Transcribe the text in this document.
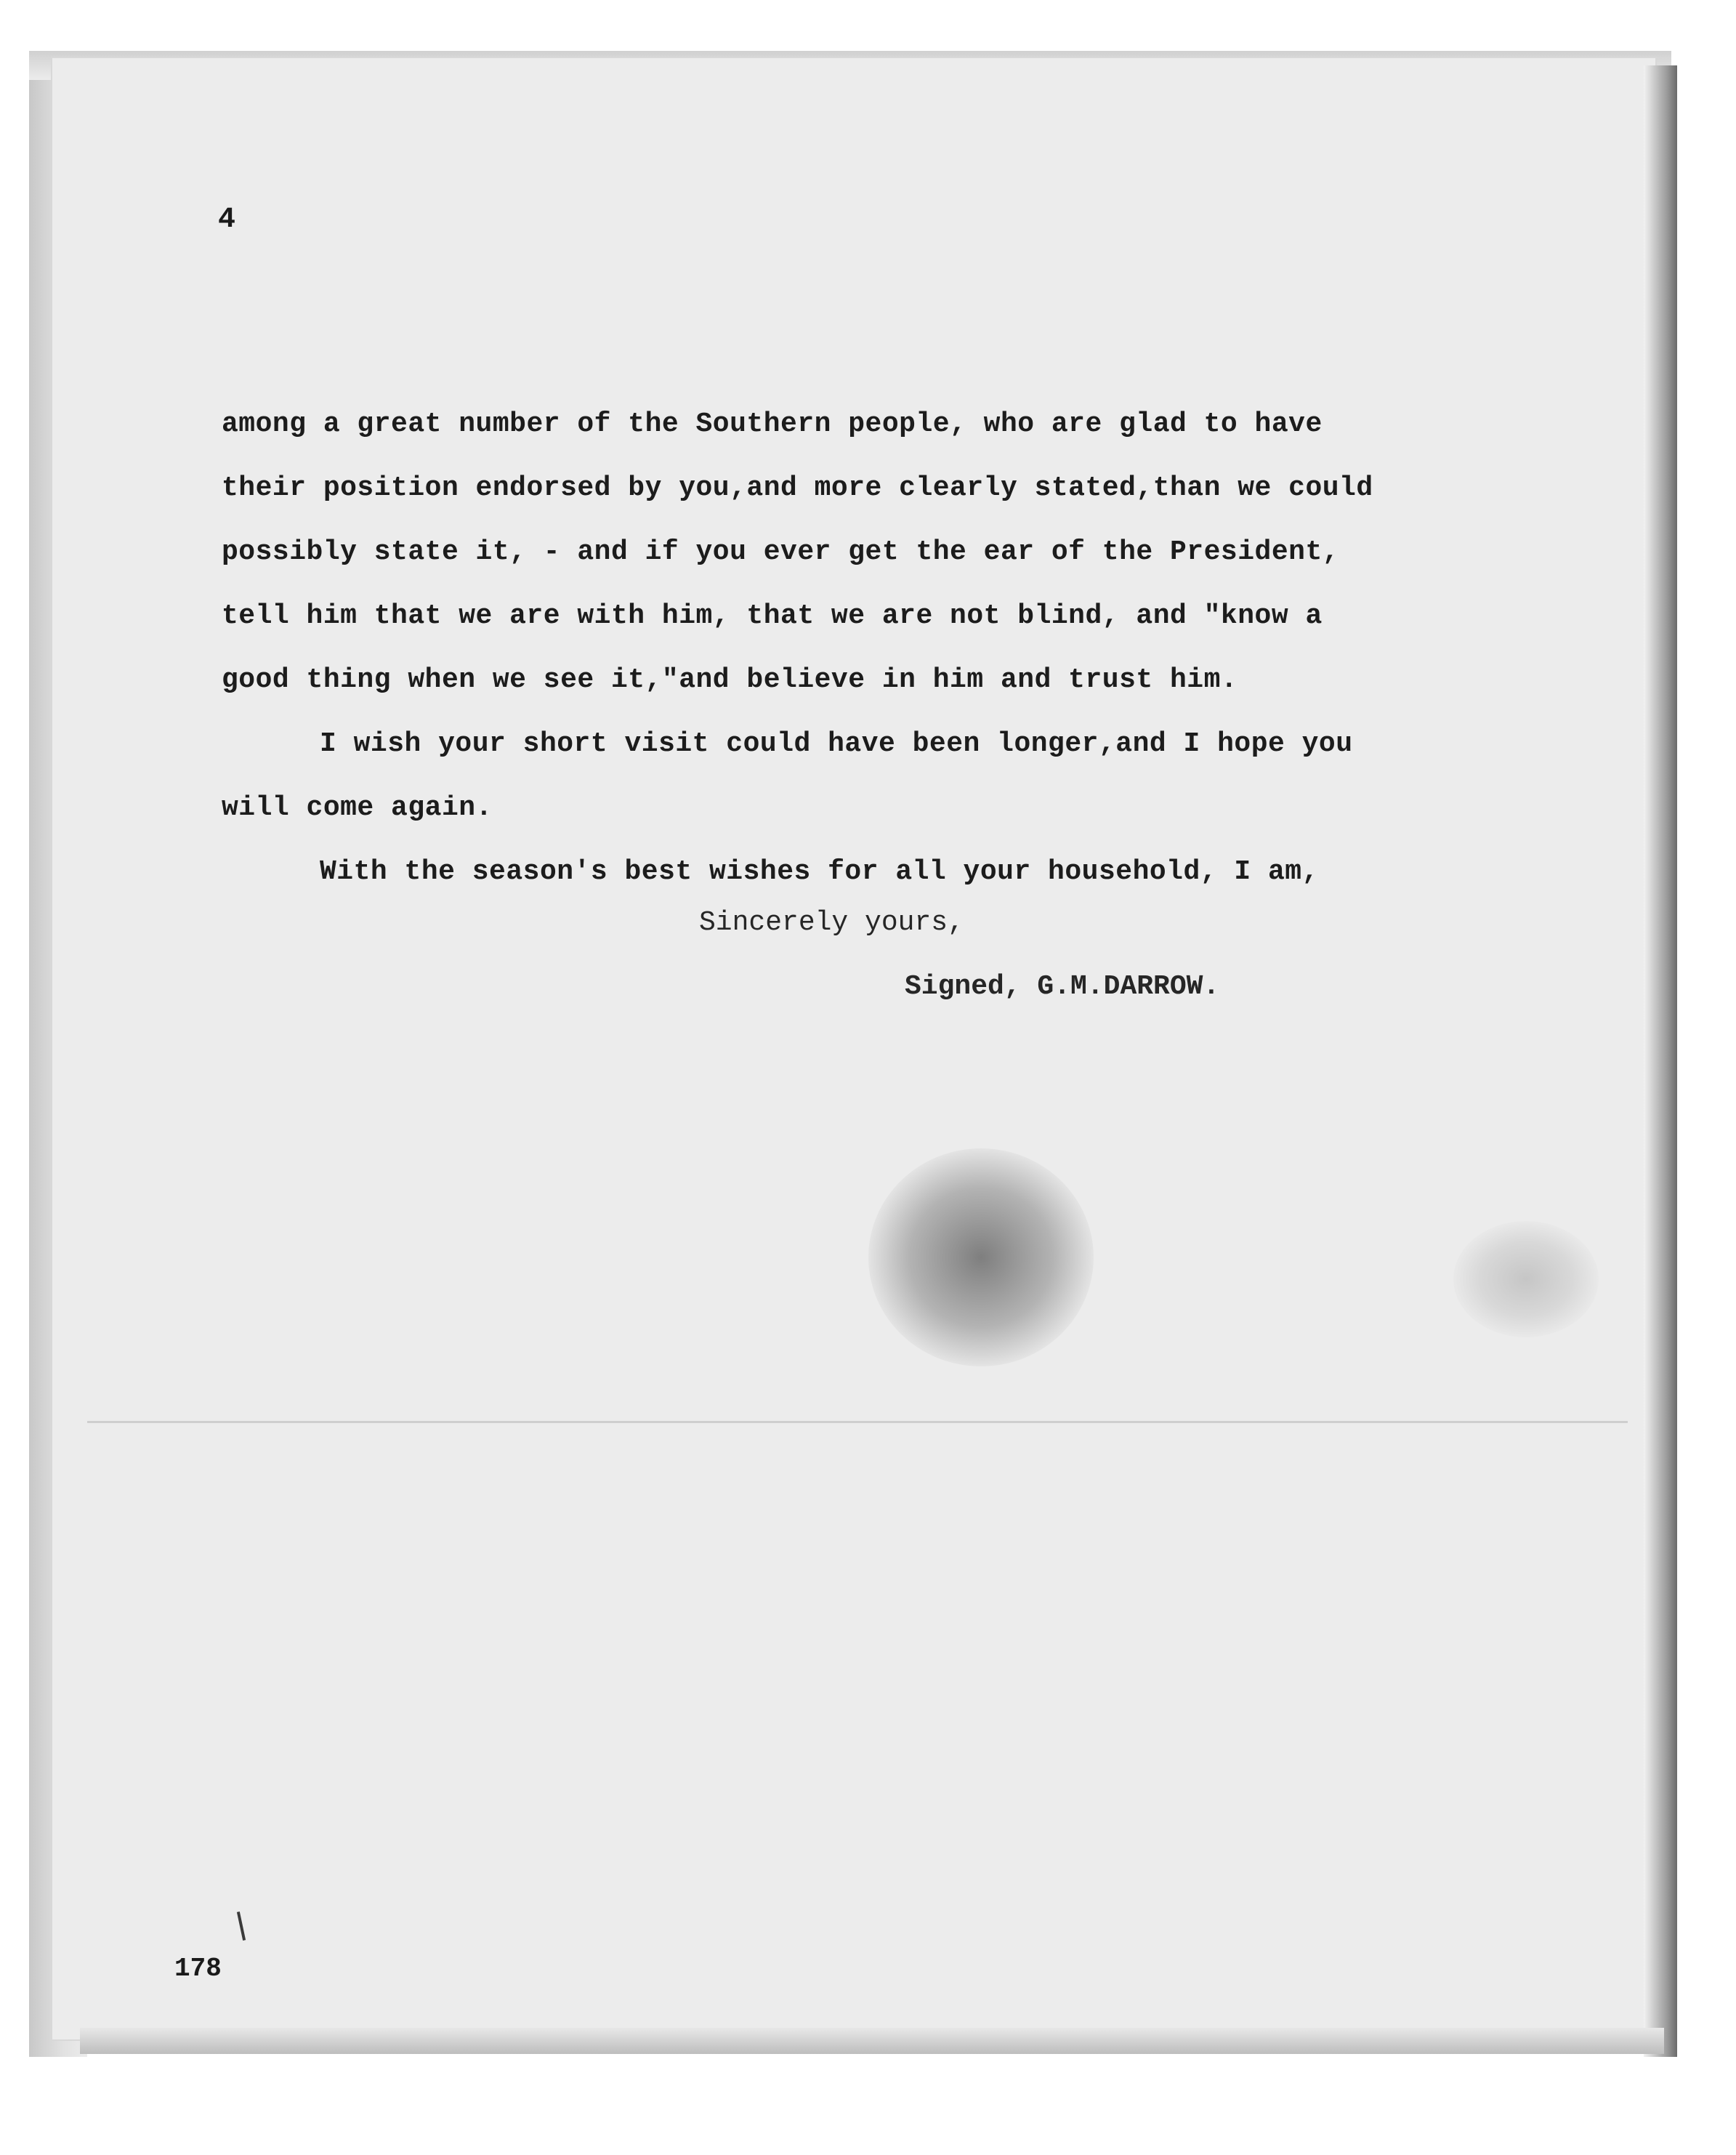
4
among a great number of the Southern people, who are glad to have
their position endorsed by you,and more clearly stated,than we could
possibly state it, - and if you ever get the ear of the President,
tell him that we are with him, that we are not blind, and "know a
good thing when we see it,"and believe in him and trust him.
I wish your short visit could have been longer,and I hope you
will come again.
With the season's best wishes for all your household, I am,
Sincerely yours,
Signed, G.M.DARROW.
178
